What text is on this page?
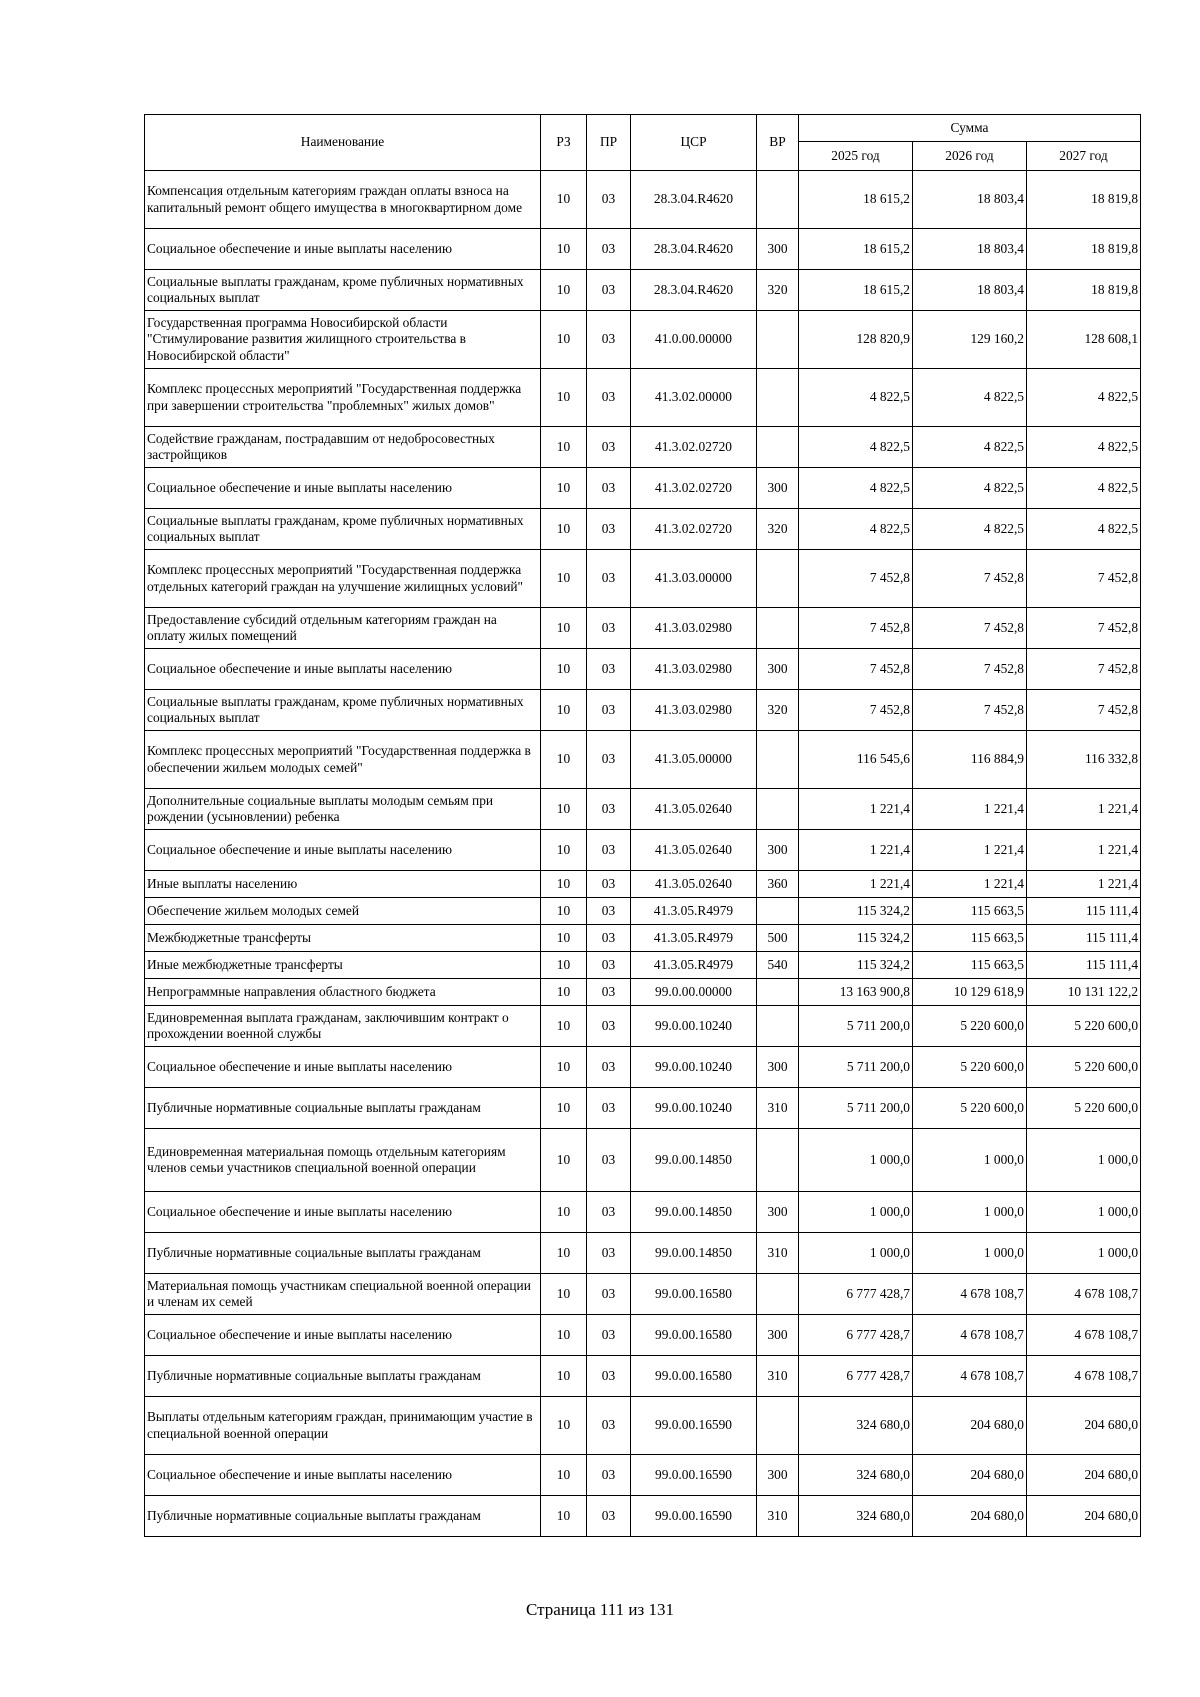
Наименование	РЗ	ПР	ЦСР	ВР	Сумма		
					2025 год	2026 год	2027 год
Компенсация отдельным категориям граждан оплаты взноса на капитальный ремонт общего имущества в многоквартирном доме	10	03	28.3.04.R4620		18 615,2	18 803,4	18 819,8
Социальное обеспечение и иные выплаты населению	10	03	28.3.04.R4620	300	18 615,2	18 803,4	18 819,8
Социальные выплаты гражданам, кроме публичных нормативных социальных выплат	10	03	28.3.04.R4620	320	18 615,2	18 803,4	18 819,8
Государственная программа Новосибирской области "Стимулирование развития жилищного строительства в Новосибирской области"	10	03	41.0.00.00000		128 820,9	129 160,2	128 608,1
Комплекс процессных мероприятий "Государственная поддержка при завершении строительства "проблемных" жилых домов"	10	03	41.3.02.00000		4 822,5	4 822,5	4 822,5
Содействие гражданам, пострадавшим от недобросовестных застройщиков	10	03	41.3.02.02720		4 822,5	4 822,5	4 822,5
Социальное обеспечение и иные выплаты населению	10	03	41.3.02.02720	300	4 822,5	4 822,5	4 822,5
Социальные выплаты гражданам, кроме публичных нормативных социальных выплат	10	03	41.3.02.02720	320	4 822,5	4 822,5	4 822,5
Комплекс процессных мероприятий "Государственная поддержка отдельных категорий граждан на улучшение жилищных условий"	10	03	41.3.03.00000		7 452,8	7 452,8	7 452,8
Предоставление субсидий отдельным категориям граждан на оплату жилых помещений	10	03	41.3.03.02980		7 452,8	7 452,8	7 452,8
Социальное обеспечение и иные выплаты населению	10	03	41.3.03.02980	300	7 452,8	7 452,8	7 452,8
Социальные выплаты гражданам, кроме публичных нормативных социальных выплат	10	03	41.3.03.02980	320	7 452,8	7 452,8	7 452,8
Комплекс процессных мероприятий "Государственная поддержка в обеспечении жильем молодых семей"	10	03	41.3.05.00000		116 545,6	116 884,9	116 332,8
Дополнительные социальные выплаты молодым семьям при рождении (усыновлении) ребенка	10	03	41.3.05.02640		1 221,4	1 221,4	1 221,4
Социальное обеспечение и иные выплаты населению	10	03	41.3.05.02640	300	1 221,4	1 221,4	1 221,4
Иные выплаты населению	10	03	41.3.05.02640	360	1 221,4	1 221,4	1 221,4
Обеспечение жильем молодых семей	10	03	41.3.05.R4979		115 324,2	115 663,5	115 111,4
Межбюджетные трансферты	10	03	41.3.05.R4979	500	115 324,2	115 663,5	115 111,4
Иные межбюджетные трансферты	10	03	41.3.05.R4979	540	115 324,2	115 663,5	115 111,4
Непрограммные направления областного бюджета	10	03	99.0.00.00000		13 163 900,8	10 129 618,9	10 131 122,2
Единовременная выплата гражданам, заключившим контракт о прохождении военной службы	10	03	99.0.00.10240		5 711 200,0	5 220 600,0	5 220 600,0
Социальное обеспечение и иные выплаты населению	10	03	99.0.00.10240	300	5 711 200,0	5 220 600,0	5 220 600,0
Публичные нормативные социальные выплаты гражданам	10	03	99.0.00.10240	310	5 711 200,0	5 220 600,0	5 220 600,0
Единовременная материальная помощь отдельным категориям членов семьи участников специальной военной операции	10	03	99.0.00.14850		1 000,0	1 000,0	1 000,0
Социальное обеспечение и иные выплаты населению	10	03	99.0.00.14850	300	1 000,0	1 000,0	1 000,0
Публичные нормативные социальные выплаты гражданам	10	03	99.0.00.14850	310	1 000,0	1 000,0	1 000,0
Материальная помощь участникам специальной военной операции и членам их семей	10	03	99.0.00.16580		6 777 428,7	4 678 108,7	4 678 108,7
Социальное обеспечение и иные выплаты населению	10	03	99.0.00.16580	300	6 777 428,7	4 678 108,7	4 678 108,7
Публичные нормативные социальные выплаты гражданам	10	03	99.0.00.16580	310	6 777 428,7	4 678 108,7	4 678 108,7
Выплаты отдельным категориям граждан, принимающим участие в специальной военной операции	10	03	99.0.00.16590		324 680,0	204 680,0	204 680,0
Социальное обеспечение и иные выплаты населению	10	03	99.0.00.16590	300	324 680,0	204 680,0	204 680,0
Публичные нормативные социальные выплаты гражданам	10	03	99.0.00.16590	310	324 680,0	204 680,0	204 680,0
Страница 111 из 131
